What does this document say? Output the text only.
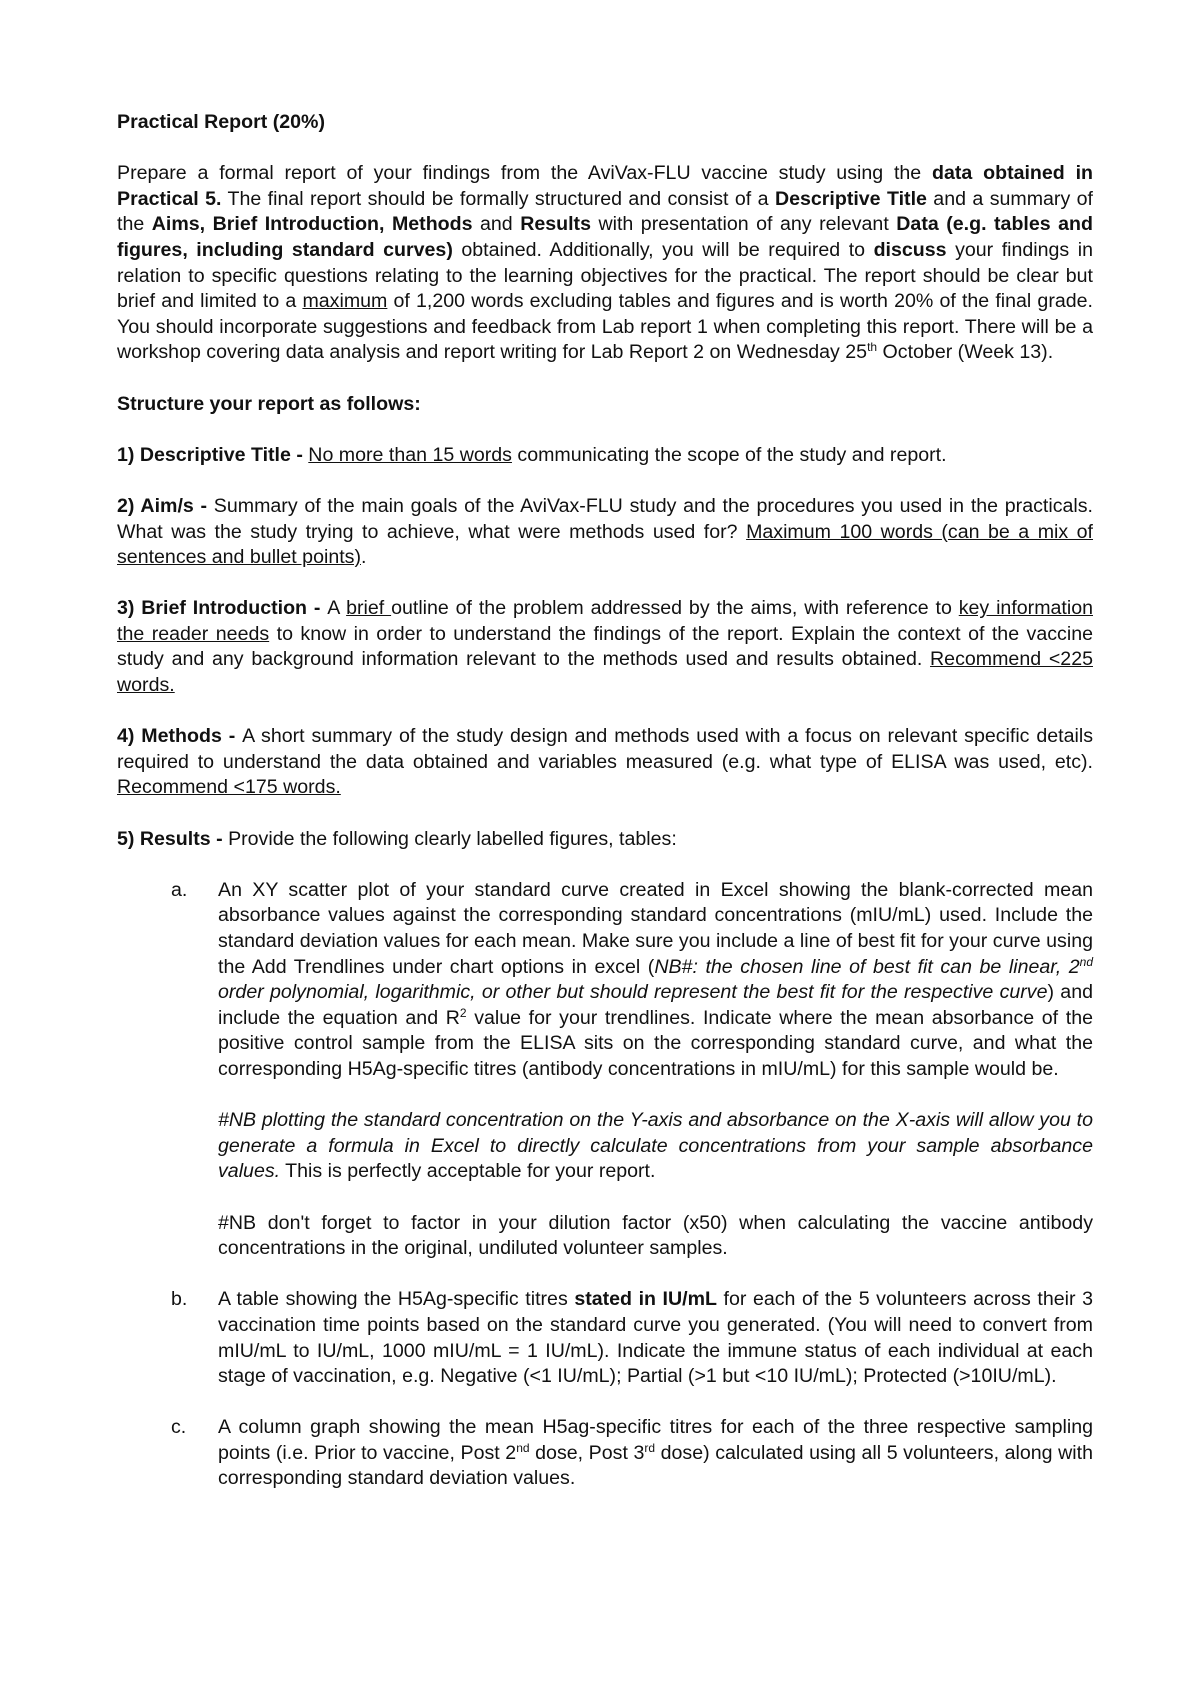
Practical Report (20%)

Prepare a formal report of your findings from the AviVax-FLU vaccine study using the data obtained in Practical 5. The final report should be formally structured and consist of a Descriptive Title and a summary of the Aims, Brief Introduction, Methods and Results with presentation of any relevant Data (e.g. tables and figures, including standard curves) obtained. Additionally, you will be required to discuss your findings in relation to specific questions relating to the learning objectives for the practical. The report should be clear but brief and limited to a maximum of 1,200 words excluding tables and figures and is worth 20% of the final grade. You should incorporate suggestions and feedback from Lab report 1 when completing this report. There will be a workshop covering data analysis and report writing for Lab Report 2 on Wednesday 25th October (Week 13).

Structure your report as follows:

1) Descriptive Title - No more than 15 words communicating the scope of the study and report.

2) Aim/s - Summary of the main goals of the AviVax-FLU study and the procedures you used in the practicals. What was the study trying to achieve, what were methods used for? Maximum 100 words (can be a mix of sentences and bullet points).

3) Brief Introduction - A brief outline of the problem addressed by the aims, with reference to key information the reader needs to know in order to understand the findings of the report. Explain the context of the vaccine study and any background information relevant to the methods used and results obtained. Recommend <225 words.

4) Methods - A short summary of the study design and methods used with a focus on relevant specific details required to understand the data obtained and variables measured (e.g. what type of ELISA was used, etc). Recommend <175 words.

5) Results - Provide the following clearly labelled figures, tables:

a. An XY scatter plot of your standard curve created in Excel showing the blank-corrected mean absorbance values against the corresponding standard concentrations (mIU/mL) used. Include the standard deviation values for each mean. Make sure you include a line of best fit for your curve using the Add Trendlines under chart options in excel (NB#: the chosen line of best fit can be linear, 2nd order polynomial, logarithmic, or other but should represent the best fit for the respective curve) and include the equation and $R^2$ value for your trendlines. Indicate where the mean absorbance of the positive control sample from the ELISA sits on the corresponding standard curve, and what the corresponding H5Ag-specific titres (antibody concentrations in mIU/mL) for this sample would be.
#NB plotting the standard concentration on the Y-axis and absorbance on the X-axis will allow you to generate a formula in Excel to directly calculate concentrations from your sample absorbance values. This is perfectly acceptable for your report.
#NB don't forget to factor in your dilution factor (x50) when calculating the vaccine antibody concentrations in the original, undiluted volunteer samples.
b. A table showing the H5Ag-specific titres stated in IU/mL for each of the 5 volunteers across their 3 vaccination time points based on the standard curve you generated. (You will need to convert from mIU/mL to IU/mL, 1000 mIU/mL = 1 IU/mL). Indicate the immune status of each individual at each stage of vaccination, e.g. Negative (<1 IU/mL); Partial (>1 but <10 IU/mL); Protected (>10IU/mL).
c. A column graph showing the mean H5ag-specific titres for each of the three respective sampling points (i.e. Prior to vaccine, Post 2nd dose, Post 3rd dose) calculated using all 5 volunteers, along with corresponding standard deviation values.
